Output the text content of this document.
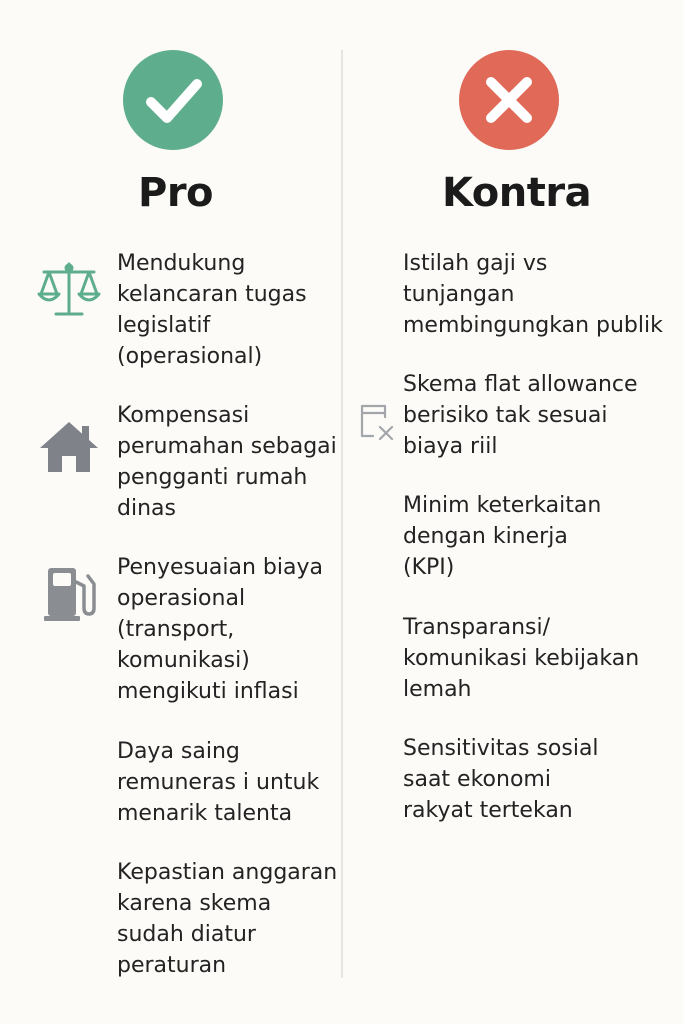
Pro
Mendukung
kelancaran tugas
legislatif
(operasional)
Kompensasi
perumahan sebagai
pengganti rumah
dinas
Penyesuaian biaya
operasional
(transport,
komunikasi)
mengikuti inflasi
Daya saing
remuneras i untuk
menarik talenta
Kepastian anggaran
karena skema
sudah diatur
peraturan
Kontra
Istilah gaji vs
tunjangan
membingungkan publik
Skema flat allowance
berisiko tak sesuai
biaya riil
Minim keterkaitan
dengan kinerja
(KPI)
Transparansi/
komunikasi kebijakan
lemah
Sensitivitas sosial
saat ekonomi
rakyat tertekan
